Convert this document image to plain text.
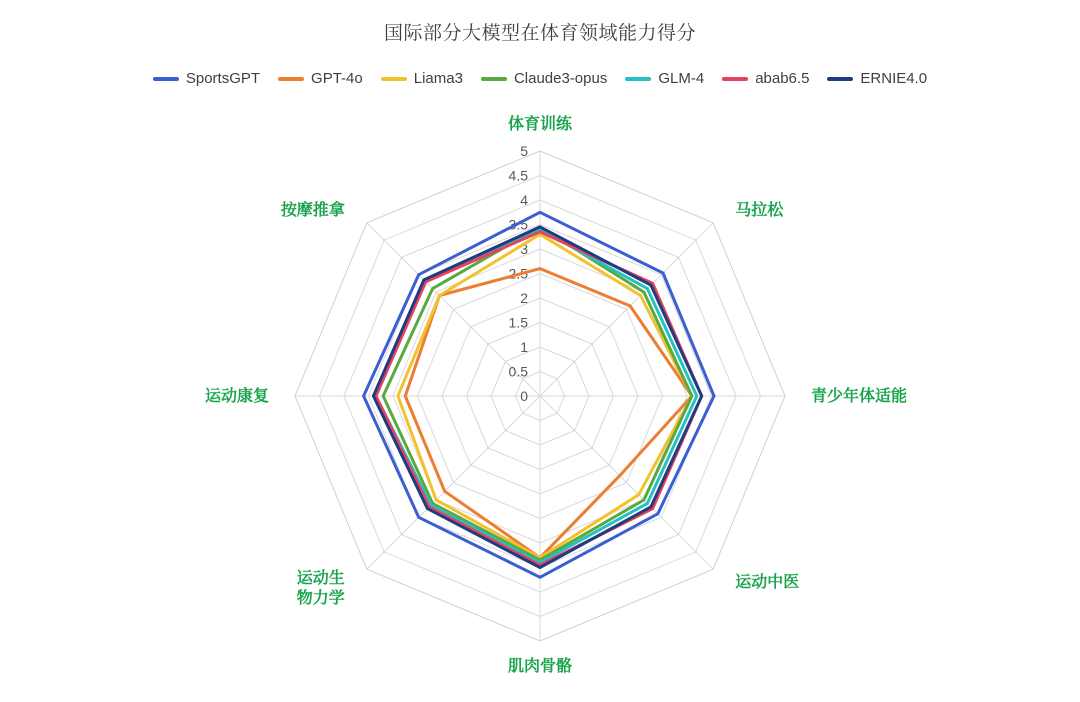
国际部分大模型在体育领域能力得分
SportsGPT	GPT-4o	Liama3	Claude3-opus	GLM-4	abab6.5	ERNIE4.0
0
0.5
1
1.5
2
2.5
3
3.5
4
4.5
5
体育训练
马拉松
青少年体适能
运动中医
肌肉骨骼
运动生物力学
运动康复
按摩推拿
